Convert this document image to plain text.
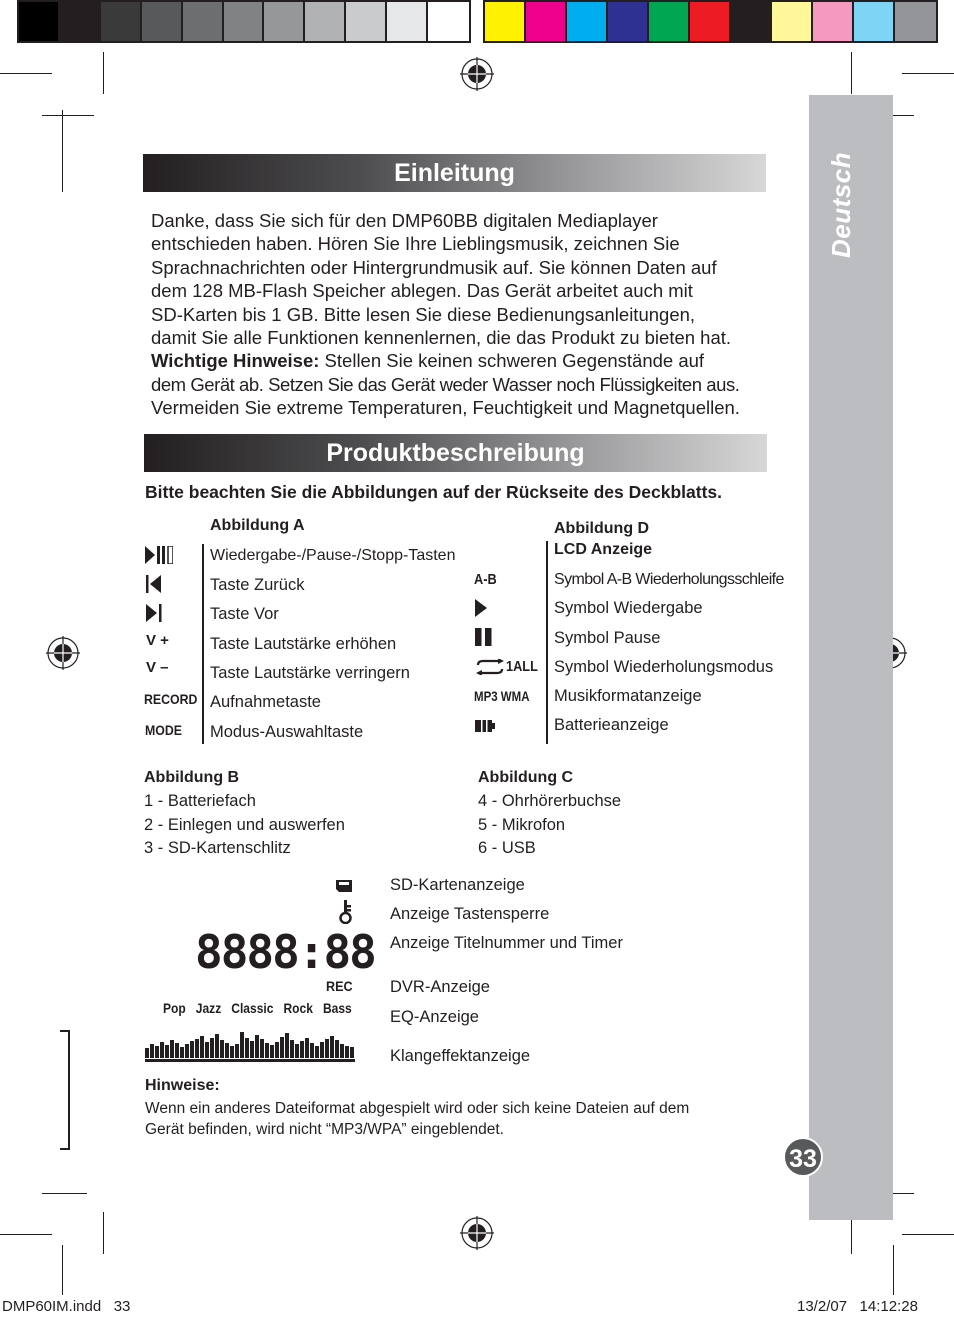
Deutsch
33
Einleitung
Danke, dass Sie sich für den DMP60BB digitalen Mediaplayer
entschieden haben. Hören Sie Ihre Lieblingsmusik, zeichnen Sie
Sprachnachrichten oder Hintergrundmusik auf. Sie können Daten auf
dem 128 MB-Flash Speicher ablegen. Das Gerät arbeitet auch mit
SD-Karten bis 1 GB. Bitte lesen Sie diese Bedienungsanleitungen,
damit Sie alle Funktionen kennenlernen, die das Produkt zu bieten hat.
Wichtige Hinweise: Stellen Sie keinen schweren Gegenstände auf
dem Gerät ab. Setzen Sie das Gerät weder Wasser noch Flüssigkeiten aus.
Vermeiden Sie extreme Temperaturen, Feuchtigkeit und Magnetquellen.
Produktbeschreibung
Bitte beachten Sie die Abbildungen auf der Rückseite des Deckblatts.
Abbildung A
Wiedergabe-/Pause-/Stopp-Tasten
Taste Zurück
Taste Vor
V + Taste Lautstärke erhöhen
V –	Taste Lautstärke verringern
RECORD Aufnahmetaste
MODE Modus-Auswahltaste
Abbildung D
LCD Anzeige
A-B	Symbol A-B Wiederholungsschleife
Symbol Wiedergabe
Symbol Pause
1ALL Symbol Wiederholungsmodus
MP3 WMA Musikformatanzeige
Batterieanzeige
Abbildung B
1 - Batteriefach
2 - Einlegen und auswerfen
3 - SD-Kartenschlitz
Abbildung C
4 - Ohrhörerbuchse
5 - Mikrofon
6 - USB
8888:88
REC
Pop Jazz Classic Rock Bass
SD-Kartenanzeige
Anzeige Tastensperre
Anzeige Titelnummer und Timer
DVR-Anzeige
EQ-Anzeige
Klangeffektanzeige
Hinweise:
Wenn ein anderes Dateiformat abgespielt wird oder sich keine Dateien auf dem
Gerät befinden, wird nicht “MP3/WPA” eingeblendet.
DMP60IM.indd   33	13/2/07   14:12:28
